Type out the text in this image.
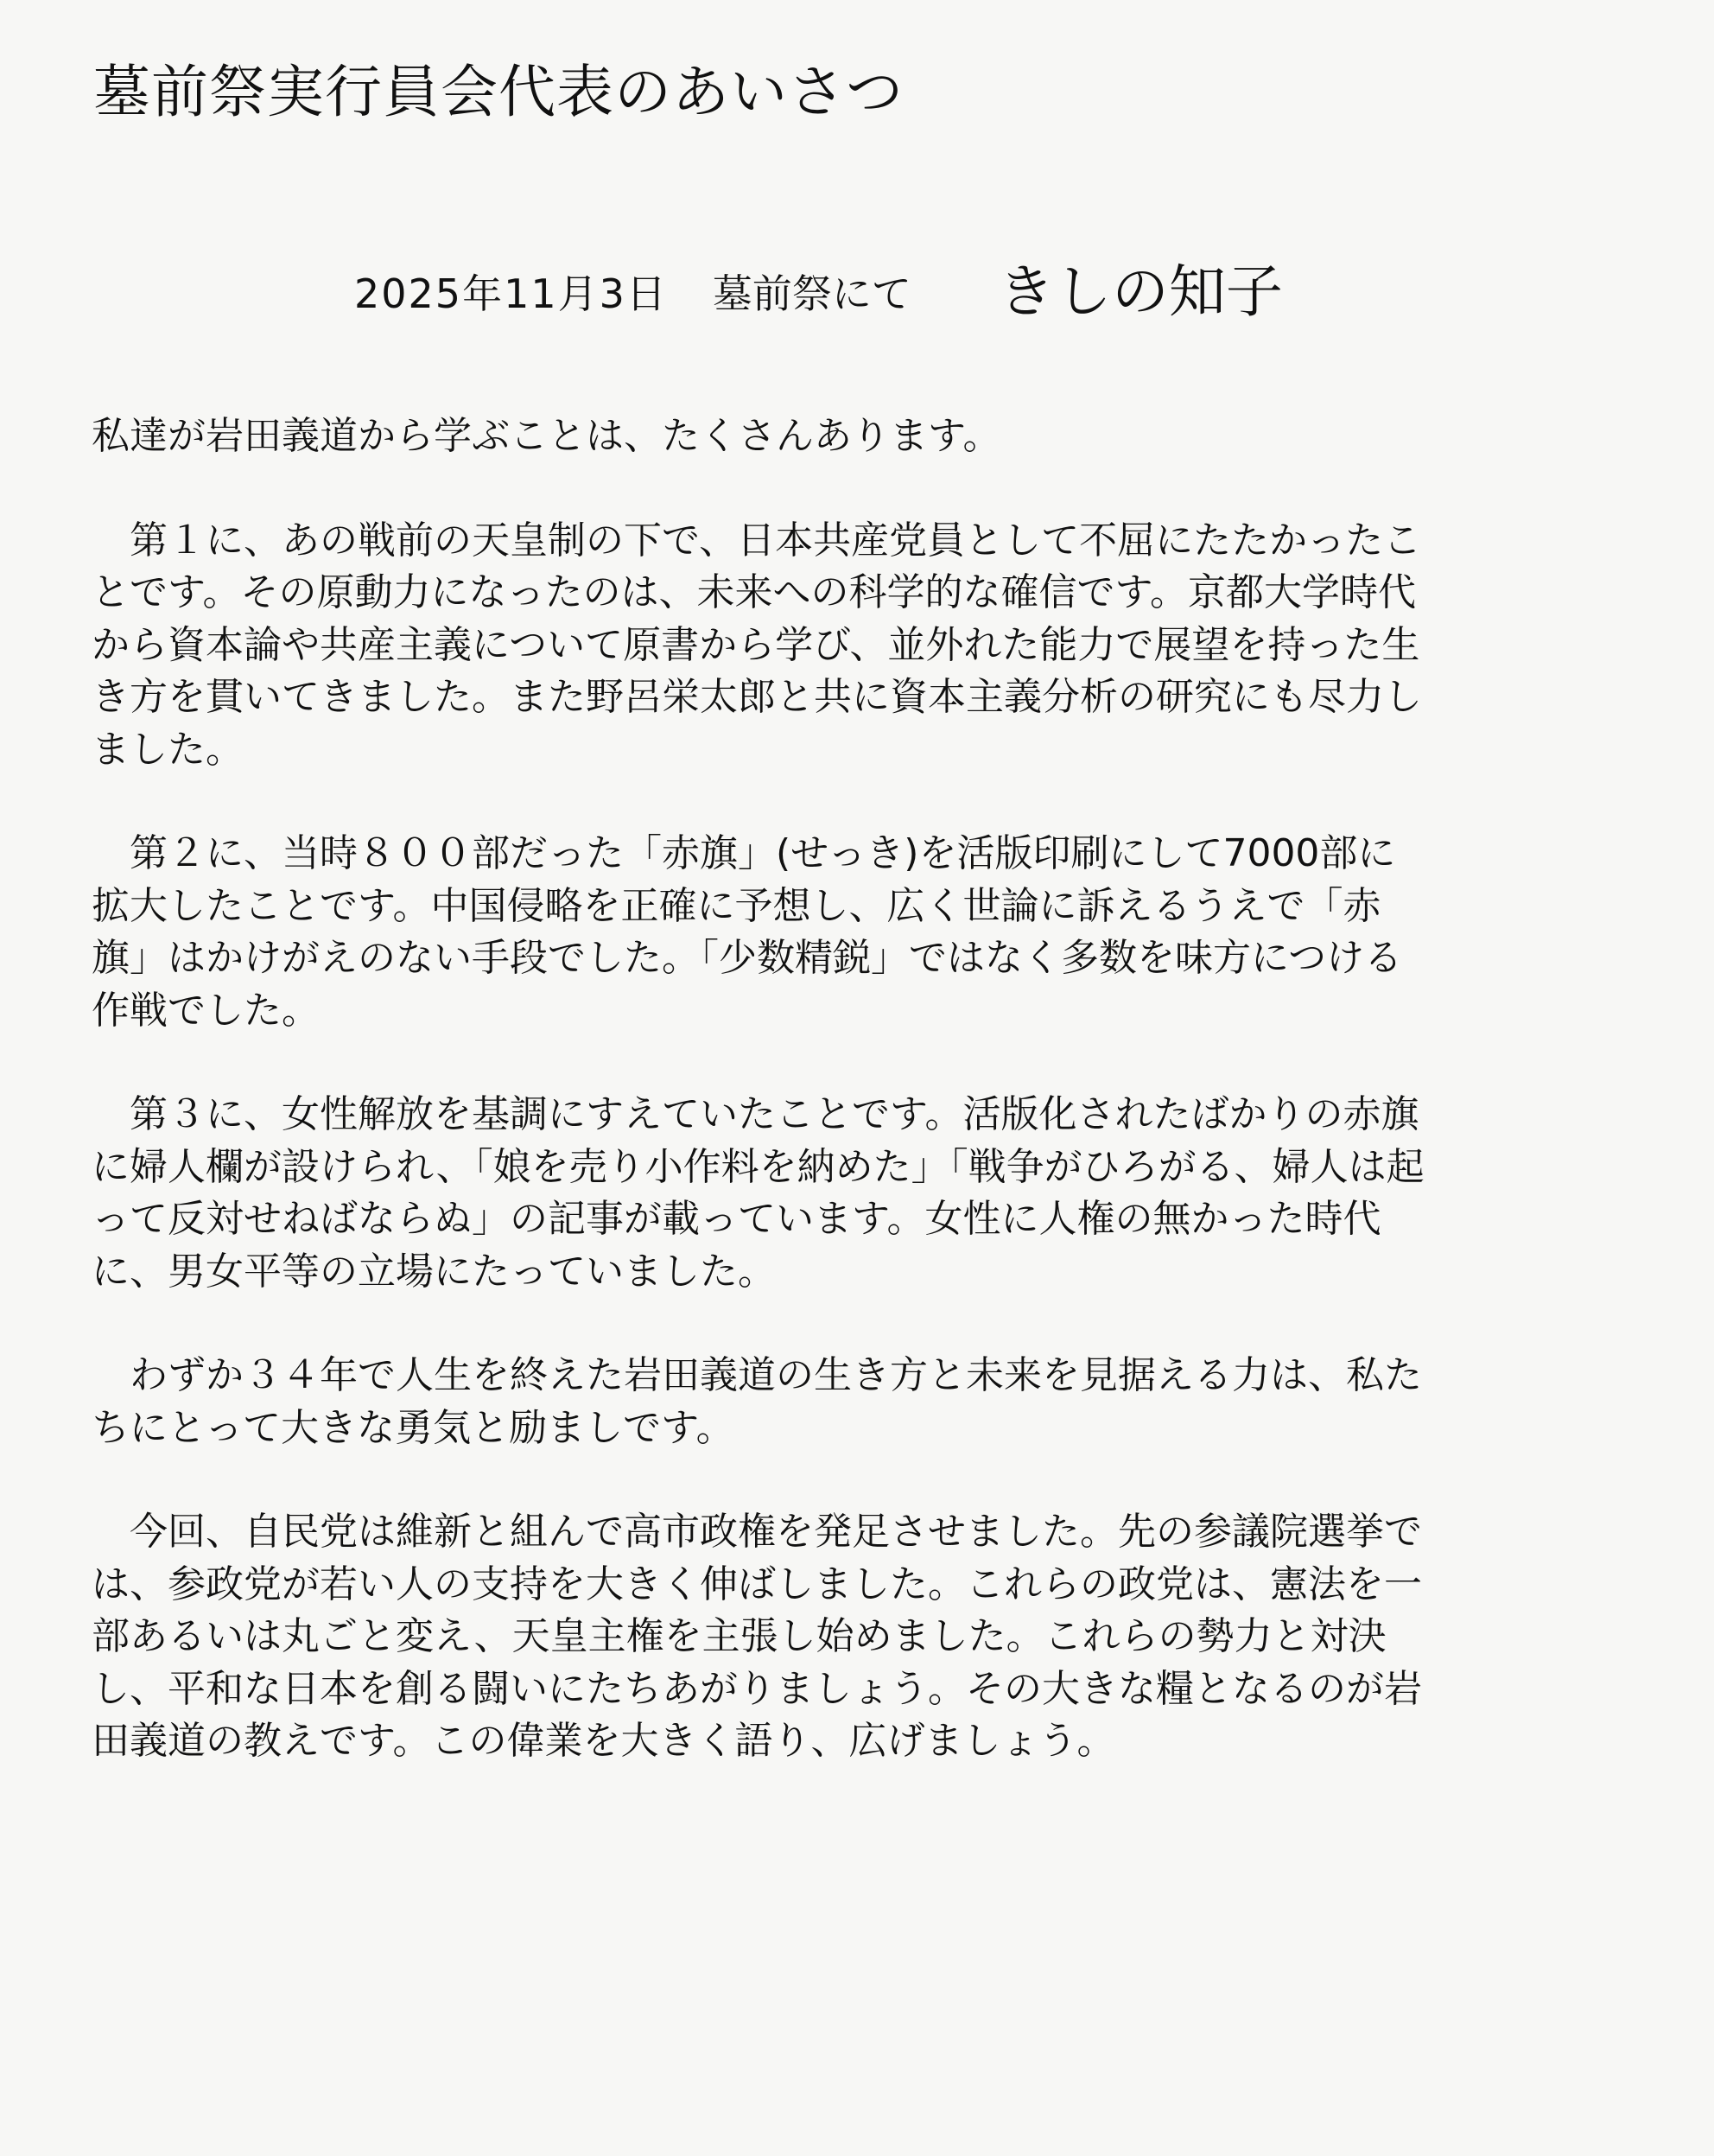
墓前祭実行員会代表のあいさつ
2025年11月3日 墓前祭にて きしの知子

私達が岩田義道から学ぶことは、たくさんあります。

　第１に、あの戦前の天皇制の下で、日本共産党員として不屈にたたかったこ
とです。その原動力になったのは、未来への科学的な確信です。京都大学時代
から資本論や共産主義について原書から学び、並外れた能力で展望を持った生
き方を貫いてきました。また野呂栄太郎と共に資本主義分析の研究にも尽力し
ました。

　第２に、当時８００部だった「赤旗」(せっき)を活版印刷にして7000部に
拡大したことです。中国侵略を正確に予想し、広く世論に訴えるうえで「赤
旗」はかけがえのない手段でした。「少数精鋭」ではなく多数を味方につける
作戦でした。

　第３に、女性解放を基調にすえていたことです。活版化されたばかりの赤旗
に婦人欄が設けられ、「娘を売り小作料を納めた」「戦争がひろがる、婦人は起
って反対せねばならぬ」の記事が載っています。女性に人権の無かった時代
に、男女平等の立場にたっていました。

　わずか３４年で人生を終えた岩田義道の生き方と未来を見据える力は、私た
ちにとって大きな勇気と励ましです。

　今回、自民党は維新と組んで高市政権を発足させました。先の参議院選挙で
は、参政党が若い人の支持を大きく伸ばしました。これらの政党は、憲法を一
部あるいは丸ごと変え、天皇主権を主張し始めました。これらの勢力と対決
し、平和な日本を創る闘いにたちあがりましょう。その大きな糧となるのが岩
田義道の教えです。この偉業を大きく語り、広げましょう。
